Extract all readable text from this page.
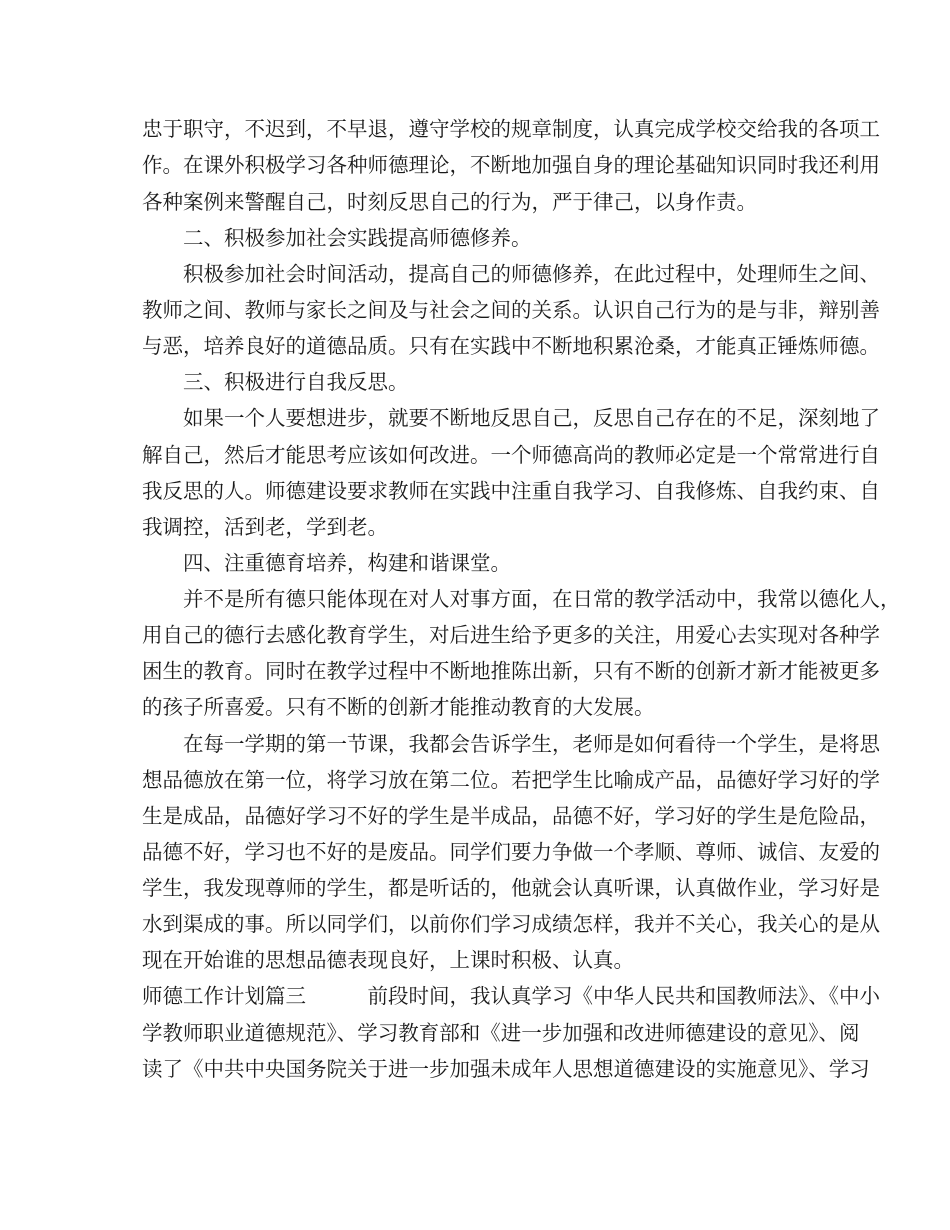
忠于职守，不迟到，不早退，遵守学校的规章制度，认真完成学校交给我的各项工
作。在课外积极学习各种师德理论，不断地加强自身的理论基础知识同时我还利用
各种案例来警醒自己，时刻反思自己的行为，严于律己，以身作责。
　　二、积极参加社会实践提高师德修养。
　　积极参加社会时间活动，提高自己的师德修养，在此过程中，处理师生之间、
教师之间、教师与家长之间及与社会之间的关系。认识自己行为的是与非，辩别善
与恶，培养良好的道德品质。只有在实践中不断地积累沧桑，才能真正锤炼师德。
　　三、积极进行自我反思。
　　如果一个人要想进步，就要不断地反思自己，反思自己存在的不足，深刻地了
解自己，然后才能思考应该如何改进。一个师德高尚的教师必定是一个常常进行自
我反思的人。师德建设要求教师在实践中注重自我学习、自我修炼、自我约束、自
我调控，活到老，学到老。
　　四、注重德育培养，构建和谐课堂。
　　并不是所有德只能体现在对人对事方面，在日常的教学活动中，我常以德化人，
用自己的德行去感化教育学生，对后进生给予更多的关注，用爱心去实现对各种学
困生的教育。同时在教学过程中不断地推陈出新，只有不断的创新才新才能被更多
的孩子所喜爱。只有不断的创新才能推动教育的大发展。
　　在每一学期的第一节课，我都会告诉学生，老师是如何看待一个学生，是将思
想品德放在第一位，将学习放在第二位。若把学生比喻成产品，品德好学习好的学
生是成品，品德好学习不好的学生是半成品，品德不好，学习好的学生是危险品，
品德不好，学习也不好的是废品。同学们要力争做一个孝顺、尊师、诚信、友爱的
学生，我发现尊师的学生，都是听话的，他就会认真听课，认真做作业，学习好是
水到渠成的事。所以同学们，以前你们学习成绩怎样，我并不关心，我关心的是从
现在开始谁的思想品德表现良好，上课时积极、认真。
师德工作计划篇三　　　前段时间，我认真学习《中华人民共和国教师法》、《中小
学教师职业道德规范》、学习教育部和《进一步加强和改进师德建设的意见》、阅
读了《中共中央国务院关于进一步加强未成年人思想道德建设的实施意见》、学习
